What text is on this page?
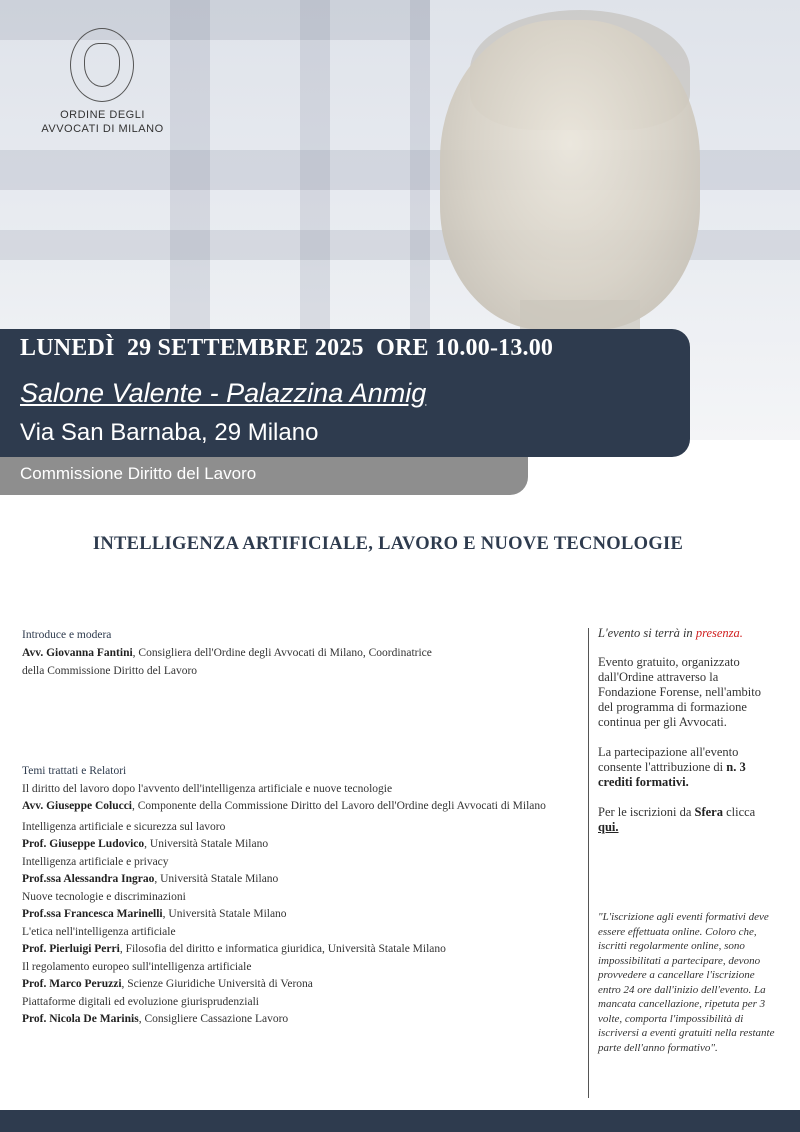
ORDINE DEGLI
AVVOCATI DI MILANO
LUNEDÌ  29 SETTEMBRE 2025  ORE 10.00-13.00
Salone Valente - Palazzina Anmig
Via San Barnaba, 29 Milano
Commissione Diritto del Lavoro
INTELLIGENZA ARTIFICIALE, LAVORO E NUOVE TECNOLOGIE

Introduce e modera

Avv. Giovanna Fantini, Consigliera dell'Ordine degli Avvocati di Milano, Coordinatrice

della Commissione Diritto del Lavoro

Temi trattati e Relatori

Il diritto del lavoro dopo l'avvento dell'intelligenza artificiale e nuove tecnologie

Avv. Giuseppe Colucci, Componente della Commissione Diritto del Lavoro dell'Ordine degli Avvocati di Milano

Intelligenza artificiale e sicurezza sul lavoro

Prof. Giuseppe Ludovico, Università Statale Milano

Intelligenza artificiale e privacy

Prof.ssa Alessandra Ingrao, Università Statale Milano

Nuove tecnologie e discriminazioni

Prof.ssa Francesca Marinelli, Università Statale Milano

L'etica nell'intelligenza artificiale

Prof. Pierluigi Perri, Filosofia del diritto e informatica giuridica, Università Statale Milano

Il regolamento europeo sull'intelligenza artificiale

Prof. Marco Peruzzi, Scienze Giuridiche Università di Verona

Piattaforme digitali ed evoluzione giurisprudenziali

Prof. Nicola De Marinis, Consigliere Cassazione Lavoro

L'evento si terrà in presenza.

Evento gratuito, organizzato dall'Ordine attraverso la Fondazione Forense, nell'ambito del programma di formazione continua per gli Avvocati.

La partecipazione all'evento consente l'attribuzione di n. 3 crediti formativi.

Per le iscrizioni da Sfera clicca qui.

"L'iscrizione agli eventi formativi deve essere effettuata online. Coloro che, iscritti regolarmente online, sono impossibilitati a partecipare, devono provvedere a cancellare l'iscrizione entro 24 ore dall'inizio dell'evento. La mancata cancellazione, ripetuta per 3 volte, comporta l'impossibilità di iscriversi a eventi gratuiti nella restante parte dell'anno formativo".
